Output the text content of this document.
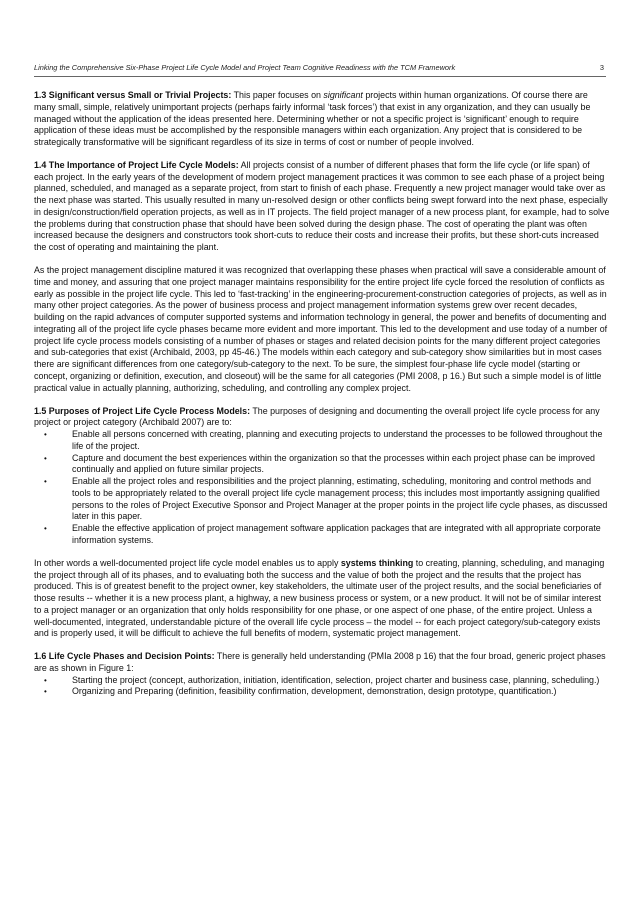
Linking the Comprehensive Six-Phase Project Life Cycle Model and Project Team Cognitive Readiness with the TCM Framework	3

1.3 Significant versus Small or Trivial Projects: This paper focuses on significant projects within human organizations. Of course there are many small, simple, relatively unimportant projects (perhaps fairly informal ‘task forces’) that exist in any organization, and they can usually be managed without the application of the ideas presented here. Determining whether or not a specific project is ‘significant’ enough to require application of these ideas must be accomplished by the responsible managers within each organization. Any project that is considered to be strategically transformative will be significant regardless of its size in terms of cost or number of people involved.

1.4 The Importance of Project Life Cycle Models: All projects consist of a number of different phases that form the life cycle (or life span) of each project. In the early years of the development of modern project management practices it was common to see each phase of a project being planned, scheduled, and managed as a separate project, from start to finish of each phase. Frequently a new project manager would take over as the next phase was started. This usually resulted in many un-resolved design or other conflicts being swept forward into the next phase, especially in design/construction/field operation projects, as well as in IT projects. The field project manager of a new process plant, for example, had to solve the problems during that construction phase that should have been solved during the design phase. The cost of operating the plant was often increased because the designers and constructors took short-cuts to reduce their costs and increase their profits, but these short-cuts increased the cost of operating and maintaining the plant.

As the project management discipline matured it was recognized that overlapping these phases when practical will save a considerable amount of time and money, and assuring that one project manager maintains responsibility for the entire project life cycle forced the resolution of conflicts as early as possible in the project life cycle. This led to ‘fast-tracking’ in the engineering-procurement-construction categories of projects, as well as in many other project categories. As the power of business process and project management information systems grew over recent decades, building on the rapid advances of computer supported systems and information technology in general, the power and benefits of documenting and integrating all of the project life cycle phases became more evident and more important. This led to the development and use today of a number of project life cycle process models consisting of a number of phases or stages and related decision points for the many different project categories and sub-categories that exist (Archibald, 2003, pp 45-46.) The models within each category and sub-category show similarities but in most cases there are significant differences from one category/sub-category to the next. To be sure, the simplest four-phase life cycle model (starting or concept, organizing or definition, execution, and closeout) will be the same for all categories (PMI 2008, p 16.) But such a simple model is of little practical value in actually planning, authorizing, scheduling, and controlling any complex project.

1.5 Purposes of Project Life Cycle Process Models: The purposes of designing and documenting the overall project life cycle process for any project or project category (Archibald 2007) are to:

•	Enable all persons concerned with creating, planning and executing projects to understand the processes to be followed throughout the life of the project.
•	Capture and document the best experiences within the organization so that the processes within each project phase can be improved continually and applied on future similar projects.
•	Enable all the project roles and responsibilities and the project planning, estimating, scheduling, monitoring and control methods and tools to be appropriately related to the overall project life cycle management process; this includes most importantly assigning qualified persons to the roles of Project Executive Sponsor and Project Manager at the proper points in the project life cycle phases, as discussed later in this paper.
•	Enable the effective application of project management software application packages that are integrated with all appropriate corporate information systems.

In other words a well-documented project life cycle model enables us to apply systems thinking to creating, planning, scheduling, and managing the project through all of its phases, and to evaluating both the success and the value of both the project and the results that the project has produced. This is of greatest benefit to the project owner, key stakeholders, the ultimate user of the project results, and the social beneficiaries of those results -- whether it is a new process plant, a highway, a new business process or system, or a new product. It will not be of similar interest to a project manager or an organization that only holds responsibility for one phase, or one aspect of one phase, of the entire project. Unless a well-documented, integrated, understandable picture of the overall life cycle process – the model -- for each project category/sub-category exists and is properly used, it will be difficult to achieve the full benefits of modern, systematic project management.

1.6 Life Cycle Phases and Decision Points: There is generally held understanding (PMIa 2008 p 16) that the four broad, generic project phases are as shown in Figure 1:

•	Starting the project (concept, authorization, initiation, identification, selection, project charter and business case, planning, scheduling.)
•	Organizing and Preparing (definition, feasibility confirmation, development, demonstration, design prototype, quantification.)
